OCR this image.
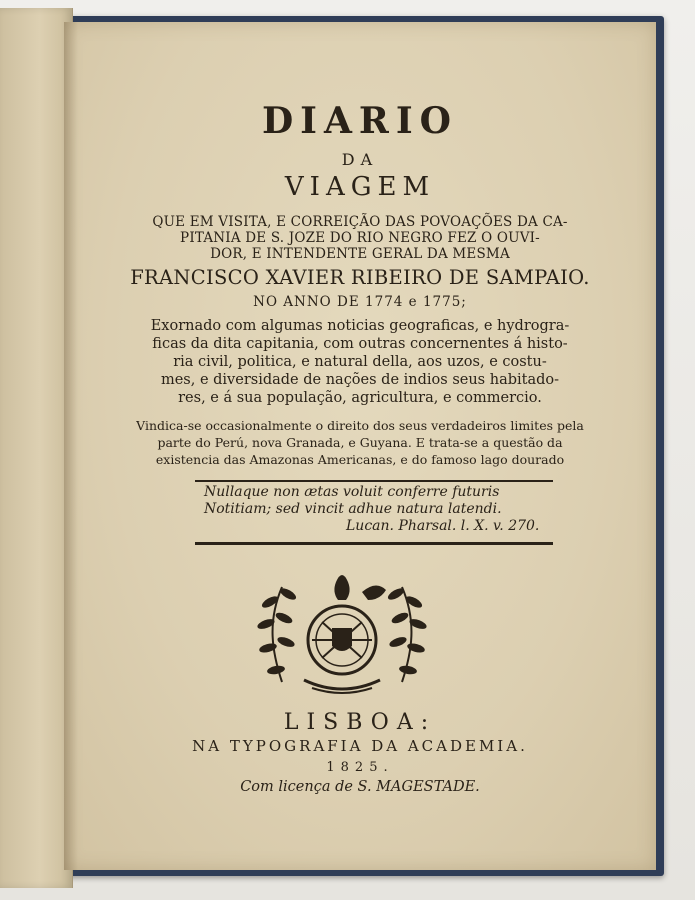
DIARIO
DA
VIAGEM
QUE EM VISITA, E CORREIÇÃO DAS POVOAÇÕES DA CA-
PITANIA DE S. JOZE DO RIO NEGRO FEZ O OUVI-
DOR, E INTENDENTE GERAL DA MESMA
FRANCISCO XAVIER RIBEIRO DE SAMPAIO.
NO ANNO DE 1774 e 1775;
Exornado com algumas noticias geograficas, e hydrogra-
ficas da dita capitania, com outras concernentes á histo-
ria civil, politica, e natural della, aos uzos, e costu-
mes, e diversidade de nações de indios seus habitado-
res, e á sua população, agricultura, e commercio.
Vindica-se occasionalmente o direito dos seus verdadeiros limites pela
parte do Perú, nova Granada, e Guyana. E trata-se a questão da
existencia das Amazonas Americanas, e do famoso lago dourado
Nullaque non ætas voluit conferre futuris
Notitiam; sed vincit adhue natura latendi.
Lucan. Pharsal. l. X. v. 270.
LISBOA:
NA TYPOGRAFIA DA ACADEMIA.
1825.
Com licença de S. MAGESTADE.
